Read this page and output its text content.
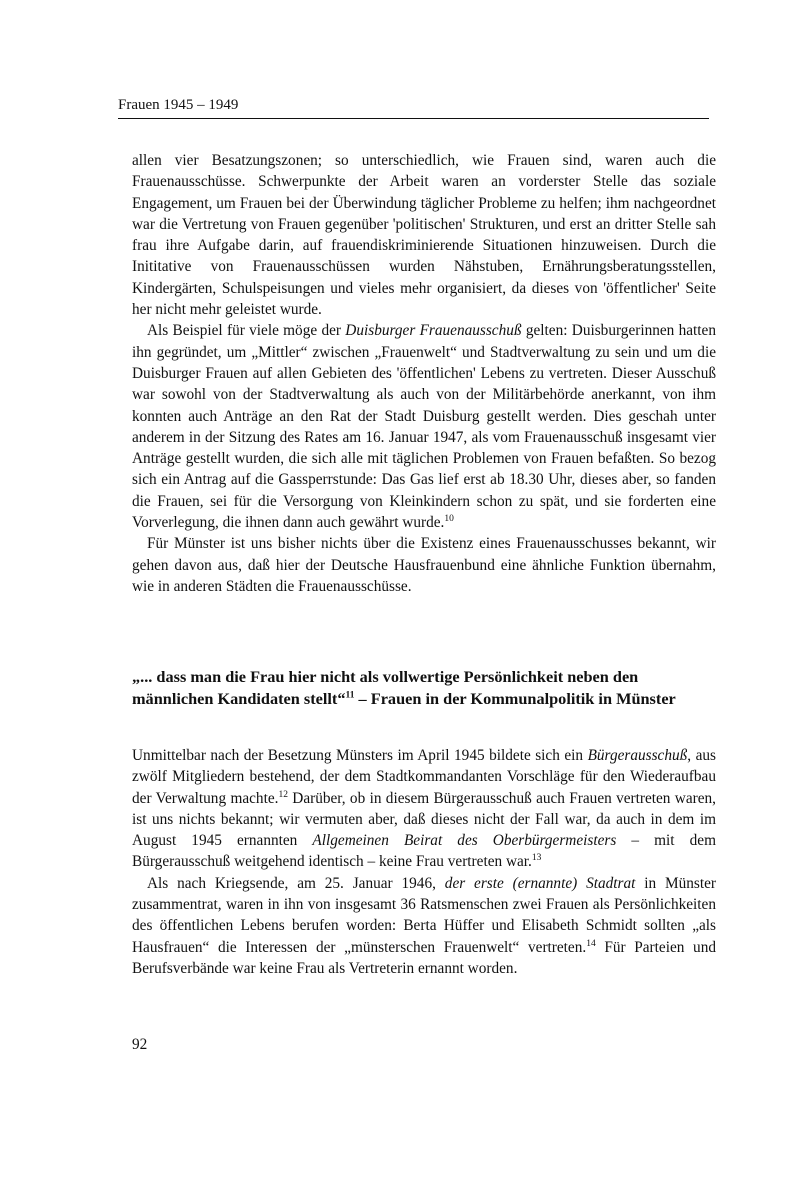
Frauen 1945 – 1949

allen vier Besatzungszonen; so unterschiedlich, wie Frauen sind, waren auch die Frauenausschüsse. Schwerpunkte der Arbeit waren an vorderster Stelle das soziale Engagement, um Frauen bei der Überwindung täglicher Probleme zu helfen; ihm nachgeordnet war die Vertretung von Frauen gegenüber 'politischen' Strukturen, und erst an dritter Stelle sah frau ihre Aufgabe darin, auf frauendiskriminierende Situationen hinzuweisen. Durch die Inititative von Frauenausschüssen wurden Nähstuben, Ernährungsberatungsstellen, Kindergärten, Schulspeisungen und vieles mehr organisiert, da dieses von 'öffentlicher' Seite her nicht mehr geleistet wurde.

Als Beispiel für viele möge der Duisburger Frauenausschuß gelten: Duisburgerinnen hatten ihn gegründet, um „Mittler“ zwischen „Frauenwelt“ und Stadtverwaltung zu sein und um die Duisburger Frauen auf allen Gebieten des 'öffentlichen' Lebens zu vertreten. Dieser Ausschuß war sowohl von der Stadtverwaltung als auch von der Militärbehörde anerkannt, von ihm konnten auch Anträge an den Rat der Stadt Duisburg gestellt werden. Dies geschah unter anderem in der Sitzung des Rates am 16. Januar 1947, als vom Frauenausschuß insgesamt vier Anträge gestellt wurden, die sich alle mit täglichen Problemen von Frauen befaßten. So bezog sich ein Antrag auf die Gassperrstunde: Das Gas lief erst ab 18.30 Uhr, dieses aber, so fanden die Frauen, sei für die Versorgung von Kleinkindern schon zu spät, und sie forderten eine Vorverlegung, die ihnen dann auch gewährt wurde.$^{10}$

Für Münster ist uns bisher nichts über die Existenz eines Frauenausschusses bekannt, wir gehen davon aus, daß hier der Deutsche Hausfrauenbund eine ähnliche Funktion übernahm, wie in anderen Städten die Frauenausschüsse.

„... dass man die Frau hier nicht als vollwertige Persönlichkeit neben den männlichen Kandidaten stellt“$^{11}$ – Frauen in der Kommunalpolitik in Münster

Unmittelbar nach der Besetzung Münsters im April 1945 bildete sich ein Bürgerausschuß, aus zwölf Mitgliedern bestehend, der dem Stadtkommandanten Vorschläge für den Wiederaufbau der Verwaltung machte.$^{12}$ Darüber, ob in diesem Bürgerausschuß auch Frauen vertreten waren, ist uns nichts bekannt; wir vermuten aber, daß dieses nicht der Fall war, da auch in dem im August 1945 ernannten Allgemeinen Beirat des Oberbürgermeisters – mit dem Bürgerausschuß weitgehend identisch – keine Frau vertreten war.$^{13}$

Als nach Kriegsende, am 25. Januar 1946, der erste (ernannte) Stadtrat in Münster zusammentrat, waren in ihn von insgesamt 36 Ratsmenschen zwei Frauen als Persönlichkeiten des öffentlichen Lebens berufen worden: Berta Hüffer und Elisabeth Schmidt sollten „als Hausfrauen“ die Interessen der „münsterschen Frauenwelt“ vertreten.$^{14}$ Für Parteien und Berufsverbände war keine Frau als Vertreterin ernannt worden.

92
